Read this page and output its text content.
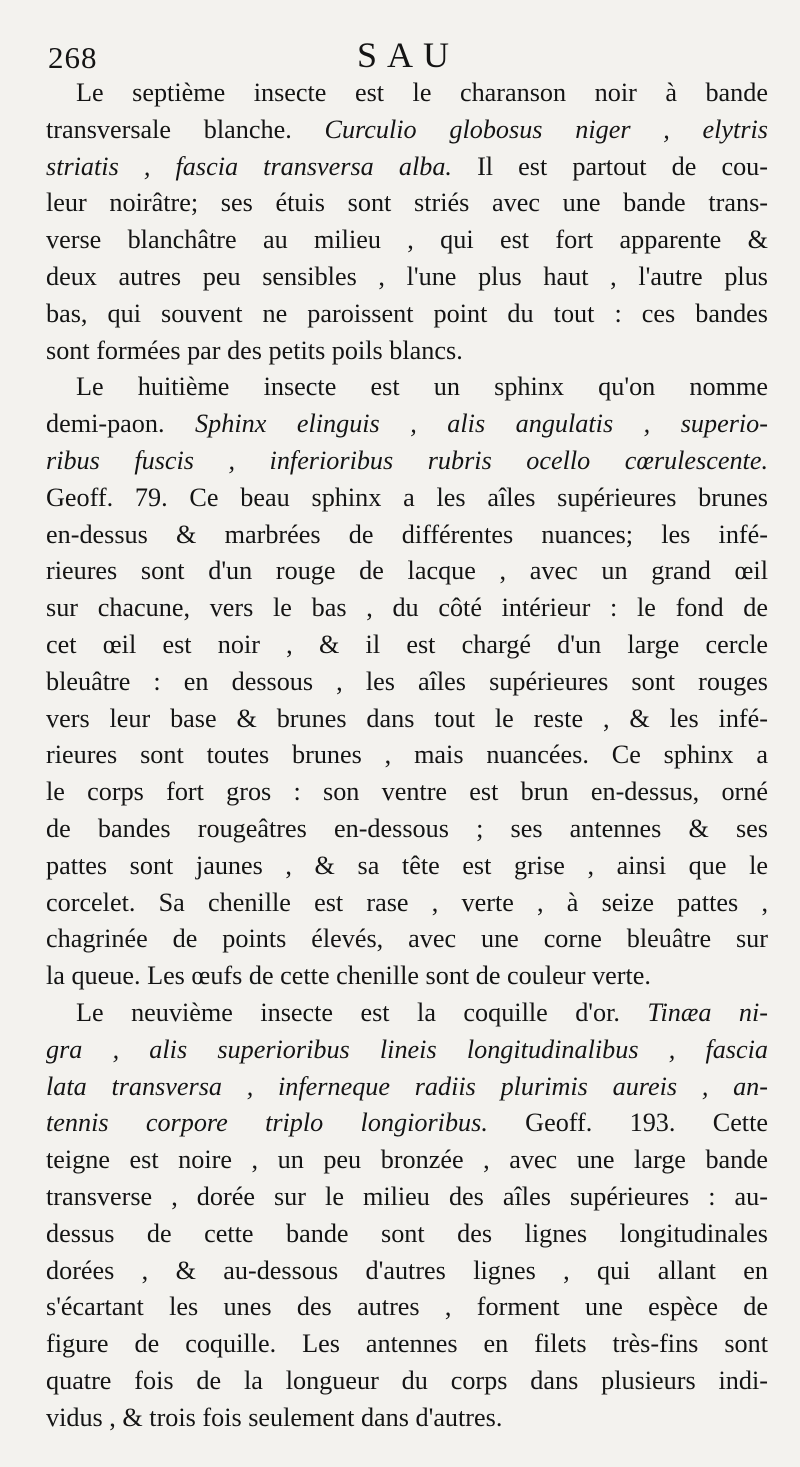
268	SAU
Le septième insecte est le charanson noir à bande
transversale blanche. Curculio globosus niger , elytris
striatis , fascia transversa alba. Il est partout de cou-
leur noirâtre; ses étuis sont striés avec une bande trans-
verse blanchâtre au milieu , qui est fort apparente &
deux autres peu sensibles , l'une plus haut , l'autre plus
bas, qui souvent ne paroissent point du tout : ces bandes
sont formées par des petits poils blancs.
Le huitième insecte est un sphinx qu'on nomme
demi-paon. Sphinx elinguis , alis angulatis , superio-
ribus fuscis , inferioribus rubris ocello cœrulescente.
Geoff. 79. Ce beau sphinx a les aîles supérieures brunes
en-dessus & marbrées de différentes nuances; les infé-
rieures sont d'un rouge de lacque , avec un grand œil
sur chacune, vers le bas , du côté intérieur : le fond de
cet œil est noir , & il est chargé d'un large cercle
bleuâtre : en dessous , les aîles supérieures sont rouges
vers leur base & brunes dans tout le reste , & les infé-
rieures sont toutes brunes , mais nuancées. Ce sphinx a
le corps fort gros : son ventre est brun en-dessus, orné
de bandes rougeâtres en-dessous ; ses antennes & ses
pattes sont jaunes , & sa tête est grise , ainsi que le
corcelet. Sa chenille est rase , verte , à seize pattes ,
chagrinée de points élevés, avec une corne bleuâtre sur
la queue. Les œufs de cette chenille sont de couleur verte.
Le neuvième insecte est la coquille d'or. Tinæa ni-
gra , alis superioribus lineis longitudinalibus , fascia
lata transversa , inferneque radiis plurimis aureis , an-
tennis corpore triplo longioribus. Geoff. 193. Cette
teigne est noire , un peu bronzée , avec une large bande
transverse , dorée sur le milieu des aîles supérieures : au-
dessus de cette bande sont des lignes longitudinales
dorées , & au-dessous d'autres lignes , qui allant en
s'écartant les unes des autres , forment une espèce de
figure de coquille. Les antennes en filets très-fins sont
quatre fois de la longueur du corps dans plusieurs indi-
vidus , & trois fois seulement dans d'autres.
